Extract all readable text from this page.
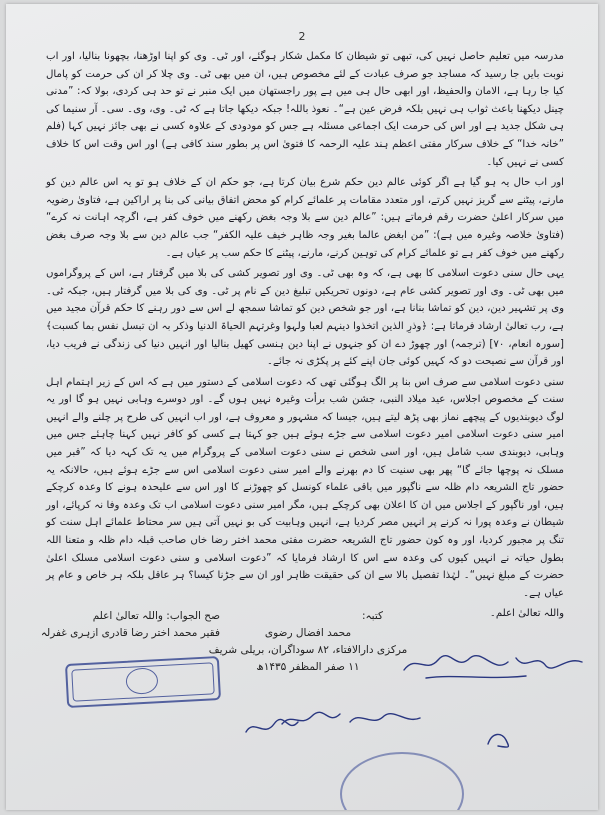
2

مدرسہ میں تعلیم حاصل نہیں کی، تبھی تو شیطان کا مکمل شکار ہوگئے، اور ٹی۔ وی کو اپنا اوڑھنا، بچھونا بنالیا، اور اب نوبت بایں جا رسید کہ مساجد جو صرف عبادت کے لئے مخصوص ہیں، ان میں بھی ٹی۔ وی چلا کر ان کی حرمت کو پامال کیا جا رہا ہے، الامان والحفیظ، اور ابھی حال ہی میں ہے پور راجستھان میں ایک منبر نے تو حد ہی کردی، بولا کہ: ”مدنی چینل دیکھنا باعث ثواب ہی نہیں بلکہ فرض عین ہے“۔ نعوذ باللہ! جبکہ دیکھا جاتا ہے کہ ٹی۔ وی، وی۔ سی۔ آر سنیما کی ہی شکل جدید ہے اور اس کی حرمت ایک اجماعی مسئلہ ہے جس کو مودودی کے علاوہ کسی نے بھی جائز نہیں کہا (فلم ”خانہ خدا“ کے خلاف سرکار مفتی اعظم ہند علیہ الرحمہ کا فتویٰ اس پر بطور سند کافی ہے) اور اس وقت اس کا خلاف کسی نے نہیں کیا۔

اور اب حال یہ ہو گیا ہے اگر کوئی عالم دین حکم شرع بیان کرتا ہے، جو حکم ان کے خلاف ہو تو یہ اس عالم دین کو مارنے، پیٹنے سے گریز نہیں کرتے، اور متعدد مقامات پر علمائے کرام کو محض اتفاق بیانی کی بنا پر اراکین ہے، فتاویٰ رضویہ میں سرکار اعلیٰ حضرت رقم فرماتے ہیں: ”عالم دین سے بلا وجہ بغض رکھنے میں خوف کفر ہے، اگرچہ اہانت نہ کرے“ (فتاویٰ خلاصہ وغیرہ میں ہے): ”من ابغض عالما بغیر وجہ ظاہر خیف علیہ الکفر“ جب عالم دین سے بلا وجہ صرف بغض رکھنے میں خوف کفر ہے تو علمائے کرام کی توہین کرنے، مارنے، پیٹنے کا حکم سب پر عیاں ہے۔

یہی حال سنی دعوت اسلامی کا بھی ہے، کہ وہ بھی ٹی۔ وی اور تصویر کشی کی بلا میں گرفتار ہے، اس کے پروگراموں میں بھی ٹی۔ وی اور تصویر کشی عام ہے، دونوں تحریکیں تبلیغ دین کے نام پر ٹی۔ وی کی بلا میں گرفتار ہیں، جبکہ ٹی۔ وی پر تشہیر دین، دین کو تماشا بنانا ہے، اور جو شخص دین کو تماشا سمجھ لے اس سے دور رہنے کا حکم قرآن مجید میں ہے، رب تعالیٰ ارشاد فرماتا ہے: ﴿وذرِ الذین اتخذوا دینہم لعبا ولہوا وغرتہم الحیاۃ الدنیا وذکر بہ ان تبسل نفس بما کسبت﴾ [سورہ انعام، ۷۰] (ترجمہ) اور چھوڑ دے ان کو جنہوں نے اپنا دین ہنسی کھیل بنالیا اور انہیں دنیا کی زندگی نے فریب دیا، اور قرآن سے نصیحت دو کہ کہیں کوئی جان اپنے کئے پر پکڑی نہ جائے۔

سنی دعوت اسلامی سے صرف اس بنا پر الگ ہوگئی تھی کہ دعوت اسلامی کے دستور میں ہے کہ اس کے زیر اہتمام اہل سنت کے مخصوص اجلاس، عید میلاد النبی، جشن شب برأت وغیرہ نہیں ہوں گے۔ اور دوسرے وہابی نہیں ہو گا اور یہ لوگ دیوبندیوں کے پیچھے نماز بھی پڑھ لیتے ہیں، جیسا کہ مشہور و معروف ہے، اور اب انہیں کی طرح پر چلنے والے انہیں امیر سنی دعوت اسلامی امیر دعوت اسلامی سے جڑے ہوئے ہیں جو کہتا ہے کسی کو کافر نہیں کہنا چاہئے جس میں وہابی، دیوبندی سب شامل ہیں، اور اسی شخص نے سنی دعوت اسلامی کے پروگرام میں یہ تک کہہ دیا کہ ”قبر میں مسلک نہ پوچھا جائے گا“ پھر بھی سنیت کا دم بھرنے والے امیر سنی دعوت اسلامی اس سے جڑے ہوئے ہیں، حالانکہ یہ حضور تاج الشریعہ دام ظلہ سے ناگپور میں باقی علماء کونسل کو چھوڑنے کا اور اس سے علیحدہ ہونے کا وعدہ کرچکے ہیں، اور ناگپور کے اجلاس میں ان کا اعلان بھی کرچکے ہیں، مگر امیر سنی دعوت اسلامی اب تک وعدہ وفا نہ کرپائے، اور شیطان نے وعدہ پورا نہ کرنے پر انہیں مصر کردیا ہے، انہیں وہابیت کی بو نہیں آتی ہیں سر محتاط علمائے اہل سنت کو تنگ پر مجبور کردیا، اور وہ کون حضور تاج الشریعہ حضرت مفتی محمد اختر رضا خاں صاحب قبلہ دام ظلہ و متعنا اللہ بطول حیاتہ نے انہیں کیوں کی وعدہ سے اس کا ارشاد فرمایا کہ ”دعوت اسلامی و سنی دعوت اسلامی مسلک اعلیٰ حضرت کے مبلغ نہیں“۔ لہٰذا تفصیل بالا سے ان کی حقیقت ظاہر اور ان سے جڑنا کیسا؟ ہر عاقل بلکہ ہر خاص و عام پر عیاں ہے۔

واللہ تعالیٰ اعلم۔

کتبہ:
محمد افضال رضوی
مرکزی دارالافتاء، ۸۲ سوداگران، بریلی شریف
۱۱ صفر المظفر ۱۴۳۵ھ
صح الجواب: واللہ تعالیٰ اعلم
فقیر محمد اختر رضا قادری ازہری غفرلہ
